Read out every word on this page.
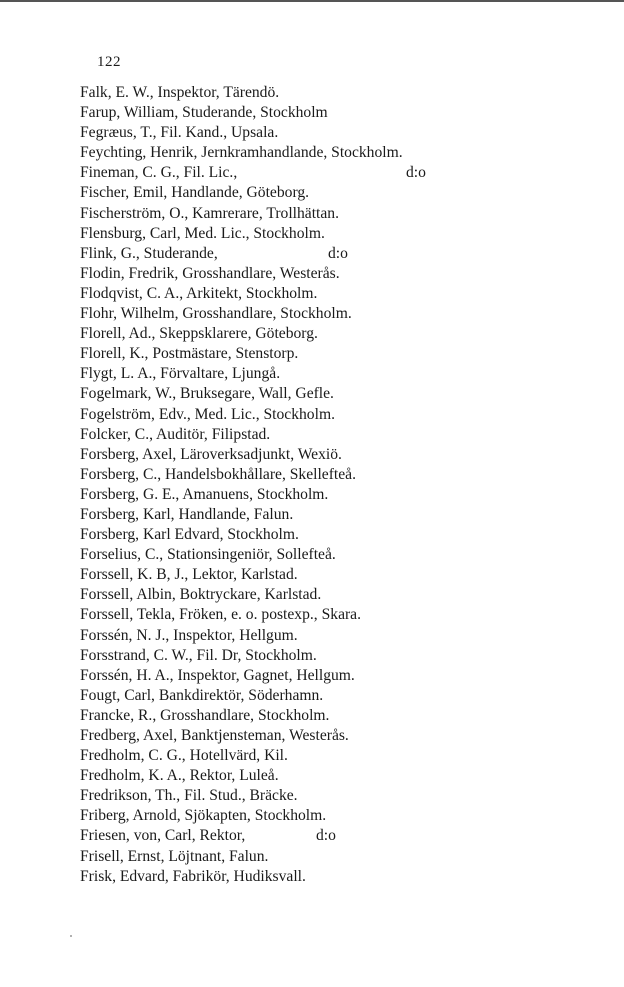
122
Falk, E. W., Inspektor, Tärendö.
Farup, William, Studerande, Stockholm
Fegræus, T., Fil. Kand., Upsala.
Feychting, Henrik, Jernkramhandlande, Stockholm.
Fineman, C. G., Fil. Lic.,	d:o
Fischer, Emil, Handlande, Göteborg.
Fischerström, O., Kamrerare, Trollhättan.
Flensburg, Carl, Med. Lic., Stockholm.
Flink, G., Studerande,	d:o
Flodin, Fredrik, Grosshandlare, Westerås.
Flodqvist, C. A., Arkitekt, Stockholm.
Flohr, Wilhelm, Grosshandlare, Stockholm.
Florell, Ad., Skeppsklarere, Göteborg.
Florell, K., Postmästare, Stenstorp.
Flygt, L. A., Förvaltare, Ljungå.
Fogelmark, W., Bruksegare, Wall, Gefle.
Fogelström, Edv., Med. Lic., Stockholm.
Folcker, C., Auditör, Filipstad.
Forsberg, Axel, Läroverksadjunkt, Wexiö.
Forsberg, C., Handelsbokhållare, Skellefteå.
Forsberg, G. E., Amanuens, Stockholm.
Forsberg, Karl, Handlande, Falun.
Forsberg, Karl Edvard, Stockholm.
Forselius, C., Stationsingeniör, Sollefteå.
Forssell, K. B, J., Lektor, Karlstad.
Forssell, Albin, Boktryckare, Karlstad.
Forssell, Tekla, Fröken, e. o. postexp., Skara.
Forssén, N. J., Inspektor, Hellgum.
Forsstrand, C. W., Fil. Dr, Stockholm.
Forssén, H. A., Inspektor, Gagnet, Hellgum.
Fougt, Carl, Bankdirektör, Söderhamn.
Francke, R., Grosshandlare, Stockholm.
Fredberg, Axel, Banktjensteman, Westerås.
Fredholm, C. G., Hotellvärd, Kil.
Fredholm, K. A., Rektor, Luleå.
Fredrikson, Th., Fil. Stud., Bräcke.
Friberg, Arnold, Sjökapten, Stockholm.
Friesen, von, Carl, Rektor,	d:o
Frisell, Ernst, Löjtnant, Falun.
Frisk, Edvard, Fabrikör, Hudiksvall.
